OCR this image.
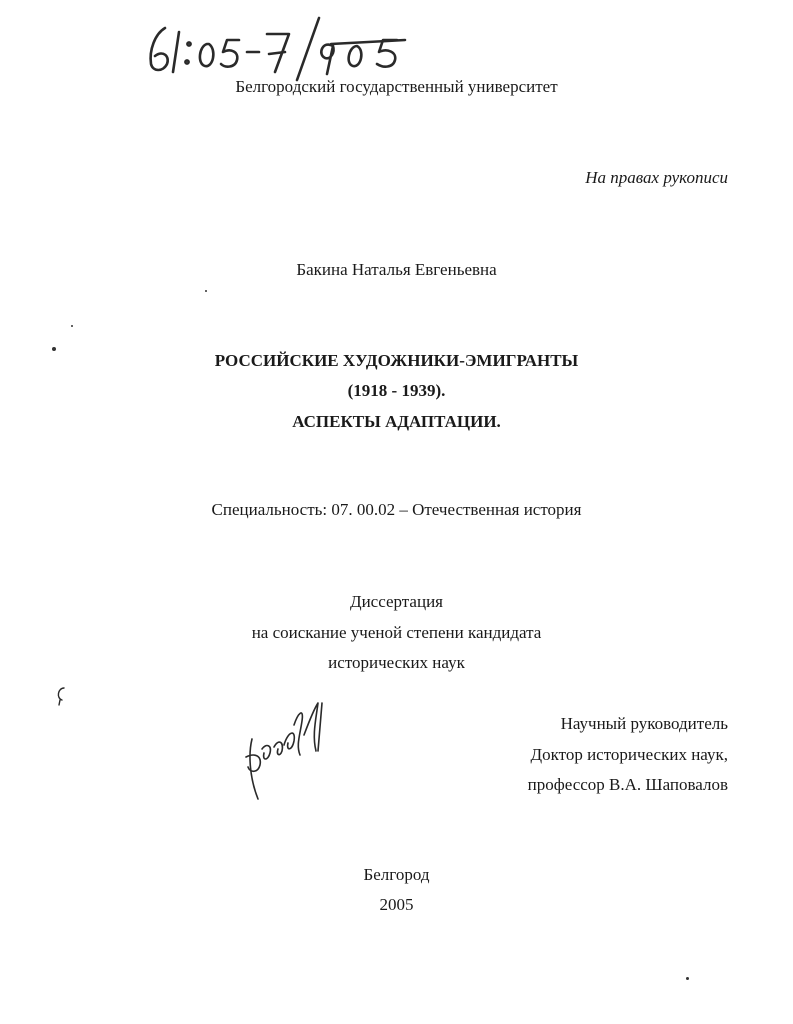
61:05-7/905
Белгородский государственный университет
На правах рукописи
Бакина Наталья Евгеньевна
РОССИЙСКИЕ ХУДОЖНИКИ-ЭМИГРАНТЫ
(1918 - 1939).
АСПЕКТЫ АДАПТАЦИИ.
Специальность: 07. 00.02 – Отечественная история
Диссертация
на соискание ученой степени кандидата
исторических наук
Научный руководитель
Доктор исторических наук,
профессор В.А. Шаповалов
Белгород
2005
